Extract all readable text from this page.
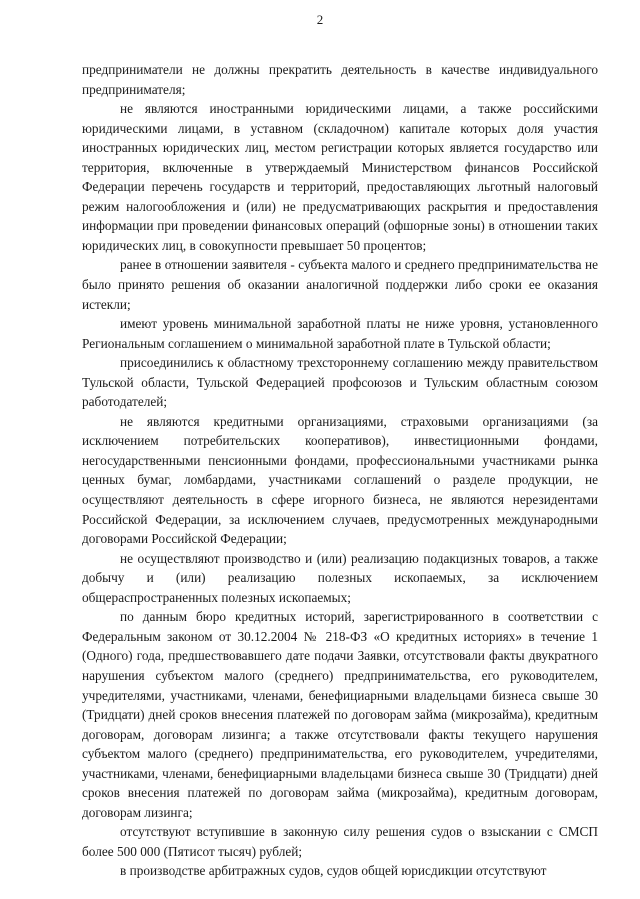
2

предприниматели не должны прекратить деятельность в качестве индивидуального предпринимателя;

не являются иностранными юридическими лицами, а также российскими юридическими лицами, в уставном (складочном) капитале которых доля участия иностранных юридических лиц, местом регистрации которых является государство или территория, включенные в утверждаемый Министерством финансов Российской Федерации перечень государств и территорий, предоставляющих льготный налоговый режим налогообложения и (или) не предусматривающих раскрытия и предоставления информации при проведении финансовых операций (офшорные зоны) в отношении таких юридических лиц, в совокупности превышает 50 процентов;

ранее в отношении заявителя - субъекта малого и среднего предпринимательства не было принято решения об оказании аналогичной поддержки либо сроки ее оказания истекли;

имеют уровень минимальной заработной платы не ниже уровня, установленного Региональным соглашением о минимальной заработной плате в Тульской области;

присоединились к областному трехстороннему соглашению между правительством Тульской области, Тульской Федерацией профсоюзов и Тульским областным союзом работодателей;

не являются кредитными организациями, страховыми организациями (за исключением потребительских кооперативов), инвестиционными фондами, негосударственными пенсионными фондами, профессиональными участниками рынка ценных бумаг, ломбардами, участниками соглашений о разделе продукции, не осуществляют деятельность в сфере игорного бизнеса, не являются нерезидентами Российской Федерации, за исключением случаев, предусмотренных международными договорами Российской Федерации;

не осуществляют производство и (или) реализацию подакцизных товаров, а также добычу и (или) реализацию полезных ископаемых, за исключением общераспространенных полезных ископаемых;

по данным бюро кредитных историй, зарегистрированного в соответствии с Федеральным законом от 30.12.2004 № 218-ФЗ «О кредитных историях» в течение 1 (Одного) года, предшествовавшего дате подачи Заявки, отсутствовали факты двукратного нарушения субъектом малого (среднего) предпринимательства, его руководителем, учредителями, участниками, членами, бенефициарными владельцами бизнеса свыше 30 (Тридцати) дней сроков внесения платежей по договорам займа (микрозайма), кредитным договорам, договорам лизинга; а также отсутствовали факты текущего нарушения субъектом малого (среднего) предпринимательства, его руководителем, учредителями, участниками, членами, бенефициарными владельцами бизнеса свыше 30 (Тридцати) дней сроков внесения платежей по договорам займа (микрозайма), кредитным договорам, договорам лизинга;

отсутствуют вступившие в законную силу решения судов о взыскании с СМСП более 500 000 (Пятисот тысяч) рублей;

в производстве арбитражных судов, судов общей юрисдикции отсутствуют
